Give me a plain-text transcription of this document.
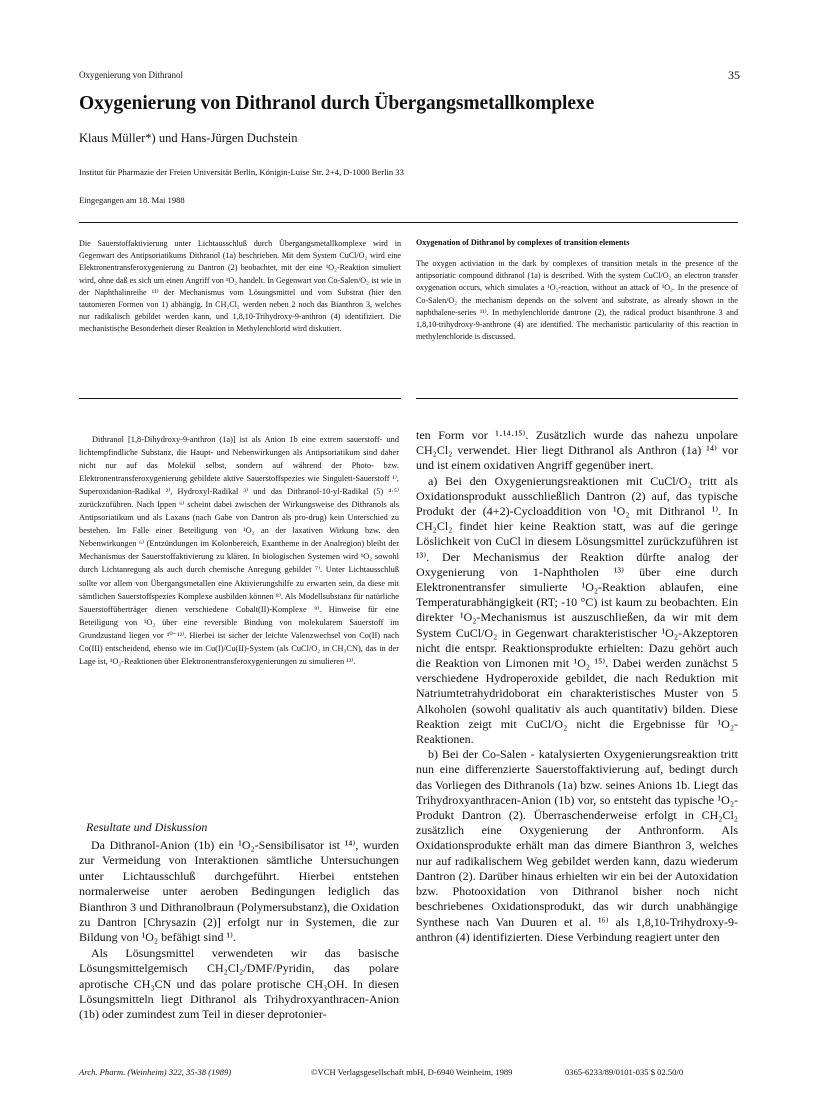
Oxygenierung von Dithranol	35
Oxygenierung von Dithranol durch Übergangsmetallkomplexe
Klaus Müller*) und Hans-Jürgen Duchstein
Institut für Pharmazie der Freien Universität Berlin, Königin-Luise Str. 2+4, D-1000 Berlin 33
Eingegangen am 18. Mai 1988
Die Sauerstoffaktivierung unter Lichtausschluß durch Übergangsmetallkomplexe wird in Gegenwart des Antipsoriatikums Dithranol (1a) beschrieben. Mit dem System CuCl/O₂ wird eine Elektronentransferoxygenierung zu Dantron (2) beobachtet, mit der eine ¹O₂-Reaktion simuliert wird, ohne daß es sich um einen Angriff von ¹O₂ handelt. In Gegenwart von Co-Salen/O₂ ist wie in der Naphthalinreihe ¹¹⁾ der Mechanismus vom Lösungsmittel und vom Substrat (hier den tautomeren Formen von 1) abhängig. In CH₂Cl₂ werden neben 2 noch das Bianthron 3, welches nur radikalisch gebildet werden kann, und 1,8,10-Trihydroxy-9-anthron (4) identifiziert. Die mechanistische Besonderheit dieser Reaktion in Methylenchlorid wird diskutiert.
Oxygenation of Dithranol by complexes of transition elements
The oxygen activiation in the dark by complexes of transition metals in the presence of the antipsoriatic compound dithranol (1a) is described. With the system CuCl/O₂ an electron transfer oxygenation occurs, which simulates a ¹O₂-reaction, without an attack of ¹O₂. In the presence of Co-Salen/O₂ the mechanism depends on the solvent and substrate, as already shown in the naphthalene-series ¹¹⁾. In methylenchloride dantrone (2), the radical product bisanthrone 3 and 1,8,10-trihydroxy-9-anthrone (4) are identified. The mechanistic particularity of this reaction in methylenchloride is discussed.
Dithranol [1,8-Dihydroxy-9-anthron (1a)] ist als Anion 1b eine extrem sauerstoff- und lichtempfindliche Substanz, die Haupt- und Nebenwirkungen als Antipsoriatikum sind daher nicht nur auf das Molekül selbst, sondern auf während der Photo- bzw. Elektronentransferoxygenierung gebildete aktive Sauerstoffspezies wie Singulett-Sauerstoff ¹⁾, Superoxidanion-Radikal ²⁾, Hydroxyl-Radikal ³⁾ und das Dithranol-10-yl-Radikal (5) ⁴·⁵⁾ zurückzuführen. Nach Ippen ⁶⁾ scheint dabei zwischen der Wirkungsweise des Dithranols als Antipsoriatikum und als Laxans (nach Gabe von Dantron als pro-drug) kein Unterschied zu bestehen. Im Falle einer Beteiligung von ¹O₂ an der laxativen Wirkung bzw. den Nebenwirkungen ⁶⁾ (Entzündungen im Kolonbereich, Exantheme in der Analregion) bleibt der Mechanismus der Sauerstoffaktivierung zu klären. In biologischen Systemen wird ¹O₂ sowohl durch Lichtanregung als auch durch chemische Anregung gebildet ⁷⁾. Unter Lichtausschluß sollte vor allem von Übergangsmetallen eine Aktivierungshilfe zu erwarten sein, da diese mit sämtlichen Sauerstoffspezies Komplexe ausbilden können ⁸⁾. Als Modellsubstanz für natürliche Sauerstoffüberträger dienen verschiedene Cobalt(II)-Komplexe ⁹⁾. Hinweise für eine Beteiligung von ¹O₂ über eine reversible Bindung von molekularem Sauerstoff im Grundzustand liegen vor ¹⁰⁻¹²⁾. Hierbei ist sicher der leichte Valenzwechsel von Co(II) nach Co(III) entscheidend, ebenso wie im Cu(I)/Cu(II)-System (als CuCl/O₂ in CH₃CN), das in der Lage ist, ¹O₂-Reaktionen über Elektronentransferoxygenierungen zu simulieren ¹³⁾.
Resultate und Diskussion

Da Dithranol-Anion (1b) ein ¹O₂-Sensibilisator ist ¹⁴⁾, wurden zur Vermeidung von Interaktionen sämtliche Untersuchungen unter Lichtausschluß durchgeführt. Hierbei entstehen normalerweise unter aeroben Bedingungen lediglich das Bianthron 3 und Dithranolbraun (Polymersubstanz), die Oxidation zu Dantron [Chrysazin (2)] erfolgt nur in Systemen, die zur Bildung von ¹O₂ befähigt sind ¹⁾.

Als Lösungsmittel verwendeten wir das basische Lösungsmittelgemisch CH₂Cl₂/DMF/Pyridin, das polare aprotische CH₃CN und das polare protische CH₃OH. In diesen Lösungsmitteln liegt Dithranol als Trihydroxyanthracen-Anion (1b) oder zumindest zum Teil in dieser deprotonier-

ten Form vor ¹·¹⁴·¹⁵⁾. Zusätzlich wurde das nahezu unpolare CH₂Cl₂ verwendet. Hier liegt Dithranol als Anthron (1a) ¹⁴⁾ vor und ist einem oxidativen Angriff gegenüber inert.

a) Bei den Oxygenierungsreaktionen mit CuCl/O₂ tritt als Oxidationsprodukt ausschließlich Dantron (2) auf, das typische Produkt der (4+2)-Cycloaddition von ¹O₂ mit Dithranol ¹⁾. In CH₂Cl₂ findet hier keine Reaktion statt, was auf die geringe Löslichkeit von CuCl in diesem Lösungsmittel zurückzuführen ist ¹³⁾. Der Mechanismus der Reaktion dürfte analog der Oxygenierung von 1-Naphtholen ¹³⁾ über eine durch Elektronentransfer simulierte ¹O₂-Reaktion ablaufen, eine Temperaturabhängigkeit (RT; -10 °C) ist kaum zu beobachten. Ein direkter ¹O₂-Mechanismus ist auszuschließen, da wir mit dem System CuCl/O₂ in Gegenwart charakteristischer ¹O₂-Akzeptoren nicht die entspr. Reaktionsprodukte erhielten: Dazu gehört auch die Reaktion von Limonen mit ¹O₂ ¹⁵⁾. Dabei werden zunächst 5 verschiedene Hydroperoxide gebildet, die nach Reduktion mit Natriumtetrahydridoborat ein charakteristisches Muster von 5 Alkoholen (sowohl qualitativ als auch quantitativ) bilden. Diese Reaktion zeigt mit CuCl/O₂ nicht die Ergebnisse für ¹O₂-Reaktionen.

b) Bei der Co-Salen - katalysierten Oxygenierungsreaktion tritt nun eine differenzierte Sauerstoffaktivierung auf, bedingt durch das Vorliegen des Dithranols (1a) bzw. seines Anions 1b. Liegt das Trihydroxyanthracen-Anion (1b) vor, so entsteht das typische ¹O₂-Produkt Dantron (2). Überraschenderweise erfolgt in CH₂Cl₂ zusätzlich eine Oxygenierung der Anthronform. Als Oxidationsprodukte erhält man das dimere Bianthron 3, welches nur auf radikalischem Weg gebildet werden kann, dazu wiederum Dantron (2). Darüber hinaus erhielten wir ein bei der Autoxidation bzw. Photooxidation von Dithranol bisher noch nicht beschriebenes Oxidationsprodukt, das wir durch unabhängige Synthese nach Van Duuren et al. ¹⁶⁾ als 1,8,10-Trihydroxy-9-anthron (4) identifizierten. Diese Verbindung reagiert unter den

Arch. Pharm. (Weinheim) 322, 35-38 (1989)	©VCH Verlagsgesellschaft mbH, D-6940 Weinheim, 1989	0365-6233/89/0101-035 $ 02.50/0
